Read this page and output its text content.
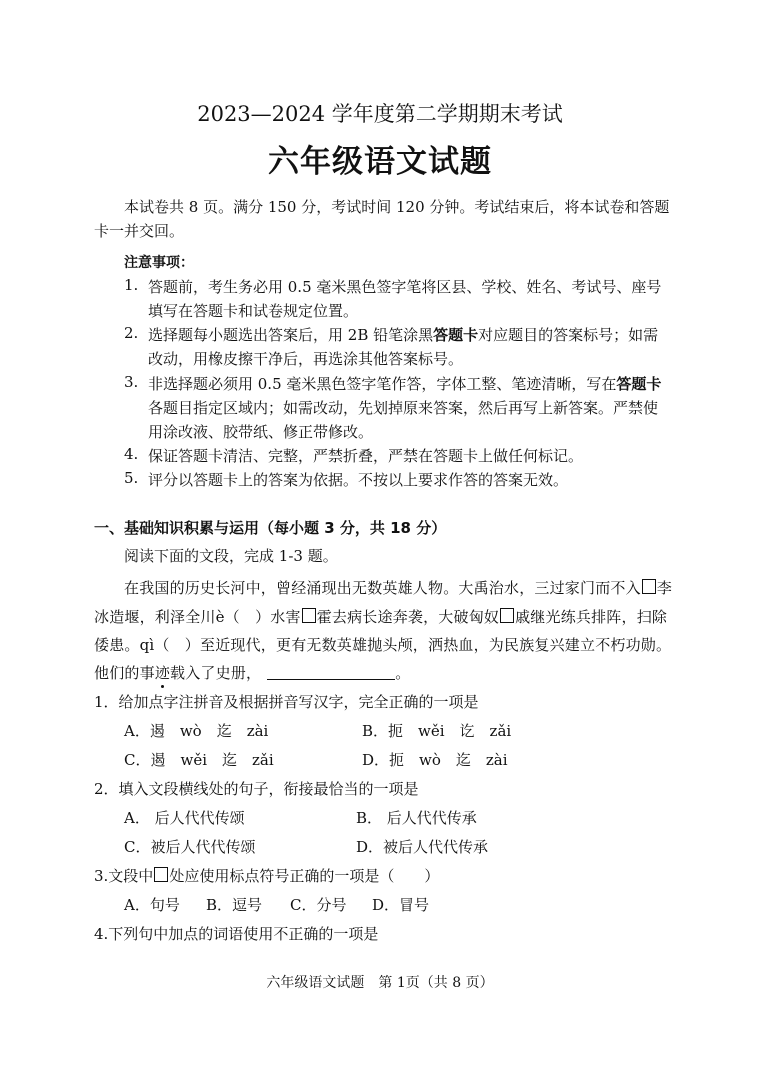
2023—2024 学年度第二学期期末考试
六年级语文试题
本试卷共 8 页。满分 150 分，考试时间 120 分钟。考试结束后，将本试卷和答题
卡一并交回。
注意事项：
1. 答题前，考生务必用 0.5 毫米黑色签字笔将区县、学校、姓名、考试号、座号
填写在答题卡和试卷规定位置。
2. 选择题每小题选出答案后，用 2B 铅笔涂黑答题卡对应题目的答案标号；如需
改动，用橡皮擦干净后，再选涂其他答案标号。
3. 非选择题必须用 0.5 毫米黑色签字笔作答，字体工整、笔迹清晰，写在答题卡
各题目指定区域内；如需改动，先划掉原来答案，然后再写上新答案。严禁使
用涂改液、胶带纸、修正带修改。
4. 保证答题卡清洁、完整，严禁折叠，严禁在答题卡上做任何标记。
5. 评分以答题卡上的答案为依据。不按以上要求作答的答案无效。
一、基础知识积累与运用（每小题 3 分，共 18 分）
阅读下面的文段，完成 1-3 题。
在我国的历史长河中，曾经涌现出无数英雄人物。大禹治水，三过家门而不入 李
冰造堰，利泽全川è（　）水害 霍去病长途奔袭，大破匈奴 戚继光练兵排阵，扫除
倭患。qì（　）至近现代，更有无数英雄抛头颅，洒热血，为民族复兴建立不朽功勋。
他们的事迹载入了史册，	。
1．给加点字注拼音及根据拼音写汉字，完全正确的一项是
A．遏　wò　迄　zài	B．扼　wěi　讫　zǎi
C．遏　wěi　迄　zǎi	D．扼　wò　迄　zài
2．填入文段横线处的句子，衔接最恰当的一项是
A． 后人代代传颂	B． 后人代代传承
C．被后人代代传颂	D．被后人代代传承
3.文段中 处应使用标点符号正确的一项是（　　）
A．句号 B．逗号 C．分号 D．冒号
4.下列句中加点的词语使用不正确的一项是
六年级语文试题　第 1页（共 8 页）
